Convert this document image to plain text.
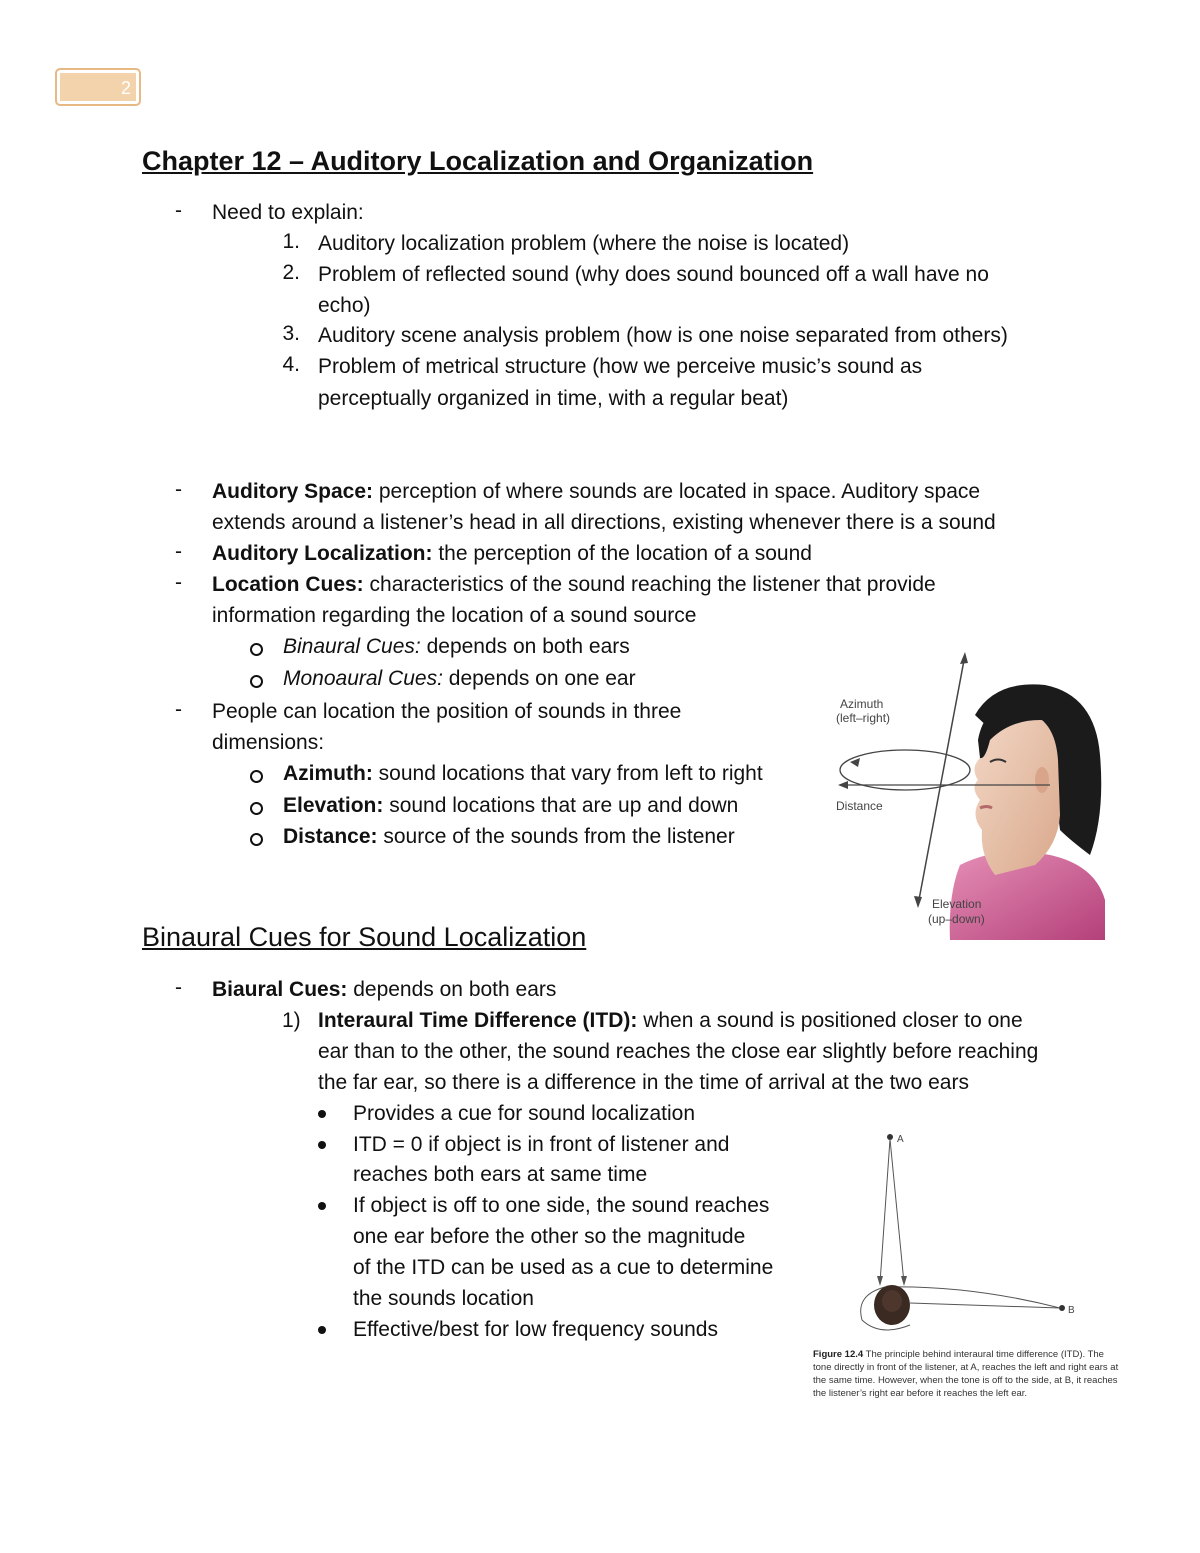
2
Chapter 12 – Auditory Localization and Organization
- Need to explain:
1. Auditory localization problem (where the noise is located)
2. Problem of reflected sound (why does sound bounced off a wall have no
echo)
3. Auditory scene analysis problem (how is one noise separated from others)
4. Problem of metrical structure (how we perceive music’s sound as
perceptually organized in time, with a regular beat)
- Auditory Space: perception of where sounds are located in space. Auditory space
extends around a listener’s head in all directions, existing whenever there is a sound
- Auditory Localization: the perception of the location of a sound
- Location Cues: characteristics of the sound reaching the listener that provide
information regarding the location of a sound source
Binaural Cues: depends on both ears
Monoaural Cues: depends on one ear
- People can location the position of sounds in three
dimensions:
Azimuth: sound locations that vary from left to right
Elevation: sound locations that are up and down
Distance: source of the sounds from the listener
Azimuth
(left–right)
Distance
Elevation
(up–down)
Binaural Cues for Sound Localization
- Biaural Cues: depends on both ears
1) Interaural Time Difference (ITD): when a sound is positioned closer to one
ear than to the other, the sound reaches the close ear slightly before reaching
the far ear, so there is a difference in the time of arrival at the two ears
Provides a cue for sound localization
ITD = 0 if object is in front of listener and
reaches both ears at same time
If object is off to one side, the sound reaches
one ear before the other so the magnitude
of the ITD can be used as a cue to determine
the sounds location
Effective/best for low frequency sounds
A
B
Figure 12.4 The principle behind interaural time difference (ITD). The tone directly in front of the listener, at A, reaches the left and right ears at the same time. However, when the tone is off to the side, at B, it reaches the listener’s right ear before it reaches the left ear.
